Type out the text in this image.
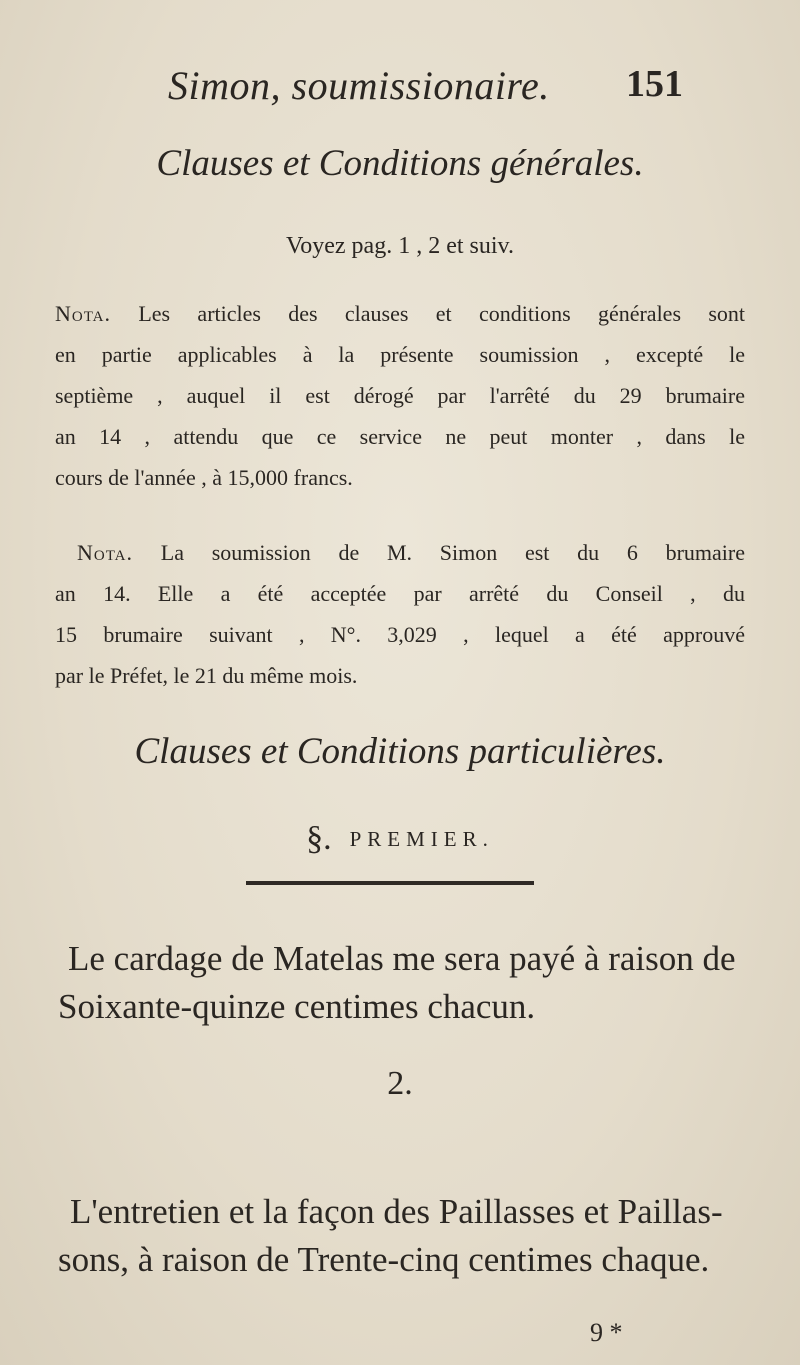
Simon, soumissionaire. 151
Clauses et Conditions générales.
Voyez pag. 1 , 2 et suiv.
Nota. Les articles des clauses et conditions générales sont
en partie applicables à la présente soumission , excepté le
septième , auquel il est dérogé par l'arrêté du 29 brumaire
an 14 , attendu que ce service ne peut monter , dans le
cours de l'année , à 15,000 francs.
Nota. La soumission de M. Simon est du 6 brumaire
an 14. Elle a été acceptée par arrêté du Conseil , du
15 brumaire suivant , N°. 3,029 , lequel a été approuvé
par le Préfet, le 21 du même mois.
Clauses et Conditions particulières.
§. PREMIER.
Le cardage de Matelas me sera payé à raison de
Soixante-quinze centimes chacun.
2.
L'entretien et la façon des Paillasses et Paillas-
sons, à raison de Trente-cinq centimes chaque.
9 *
